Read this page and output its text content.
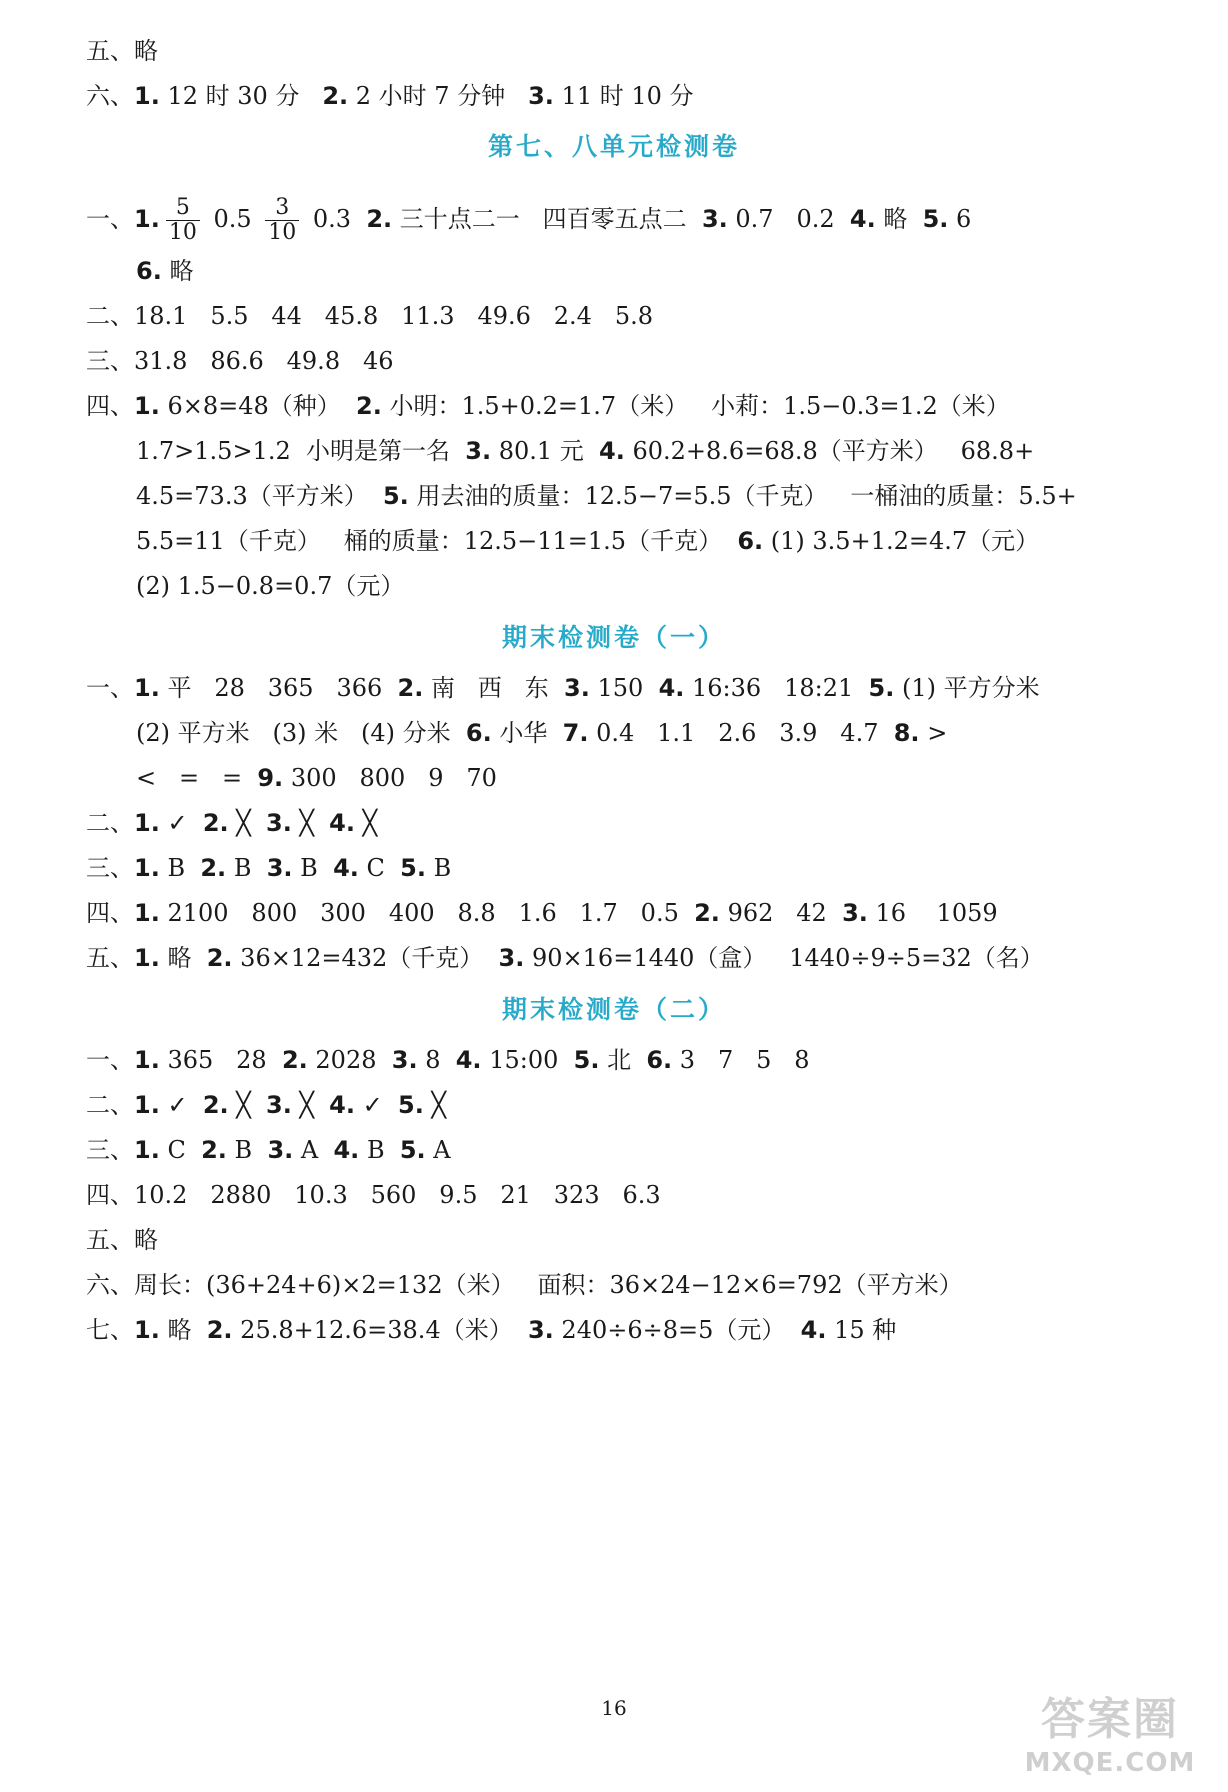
五、略
六、1. 12 时 30 分   2. 2 小时 7 分钟   3. 11 时 10 分
第七、八单元检测卷
一、1. $\frac{5}{10} 0.5 \frac{3}{10} 0.3$  2. 三十点二一   四百零五点二  3. 0.7   0.2  4. 略  5. 6
6. 略
二、18.1   5.5   44   45.8   11.3   49.6   2.4   5.8
三、31.8   86.6   49.8   46
四、1. 6×8=48（种）  2. 小明：1.5+0.2=1.7（米）   小莉：1.5−0.3=1.2（米）
1.7>1.5>1.2  小明是第一名  3. 80.1 元  4. 60.2+8.6=68.8（平方米）   68.8+
4.5=73.3（平方米）  5. 用去油的质量：12.5−7=5.5（千克）   一桶油的质量：5.5+
5.5=11（千克）   桶的质量：12.5−11=1.5（千克）  6. (1) 3.5+1.2=4.7（元）
(2) 1.5−0.8=0.7（元）
期末检测卷（一）
一、1. 平   28   365   366  2. 南   西   东  3. 150  4. 16:36   18:21  5. (1) 平方分米
(2) 平方米   (3) 米   (4) 分米  6. 小华  7. 0.4   1.1   2.6   3.9   4.7  8. >
<   =   =  9. 300   800   9   70
二、1. ✓  2. ╳  3. ╳  4. ╳
三、1. B  2. B  3. B  4. C  5. B
四、1. 2100   800   300   400   8.8   1.6   1.7   0.5  2. 962   42  3. 16    1059
五、1. 略  2. 36×12=432（千克）  3. 90×16=1440（盒）   1440÷9÷5=32（名）
期末检测卷（二）
一、1. 365   28  2. 2028  3. 8  4. 15:00  5. 北  6. 3   7   5   8
二、1. ✓  2. ╳  3. ╳  4. ✓  5. ╳
三、1. C  2. B  3. A  4. B  5. A
四、10.2   2880   10.3   560   9.5   21   323   6.3
五、略
六、周长：(36+24+6)×2=132（米）   面积：36×24−12×6=792（平方米）
七、1. 略  2. 25.8+12.6=38.4（米）  3. 240÷6÷8=5（元）  4. 15 种
16	答案圈
MXQE.COM
